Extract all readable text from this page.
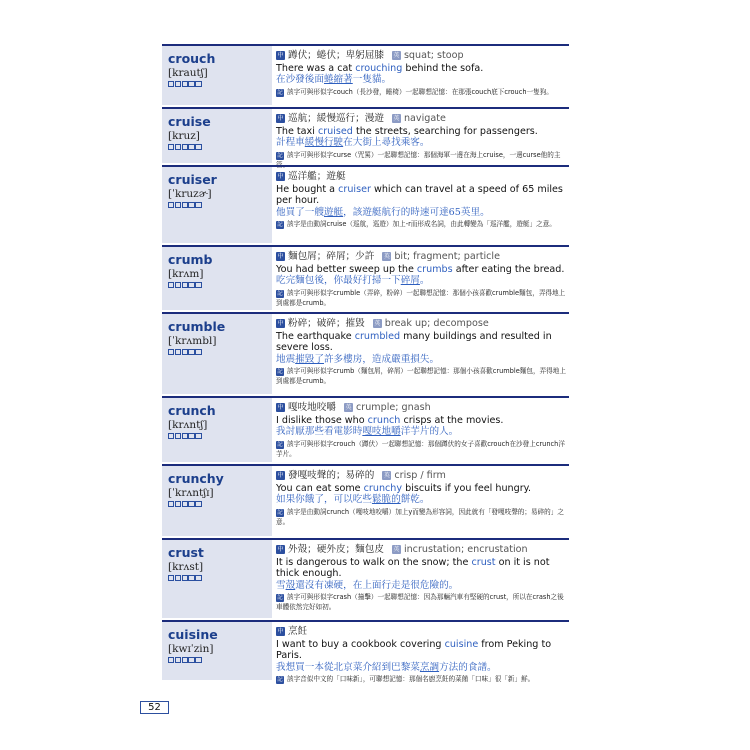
crouch
[krautʃ]
中 蹲伏；蜷伏；卑躬屈膝 英 squat; stoop
There was a cat crouching behind the sofa.
在沙發後面蜷縮著一隻貓。
記 該字可與形似字couch（長沙發，睡椅）一起聯想記憶：在那張couch底下crouch一隻狗。
cruise
[kruz]
中 巡航；緩慢巡行；漫遊 英 navigate
The taxi cruised the streets, searching for passengers.
計程車緩慢行駛在大街上尋找乘客。
記 該字可與形似字curse（咒罵）一起聯想記憶：那個海軍一邊在海上cruise，一邊curse他的主管。
cruiser
[ˈkruzɚ]
中 巡洋艦；遊艇
He bought a cruiser which can travel at a speed of 65 miles per hour.
他買了一艘遊艇，該遊艇航行的時速可達65英里。
記 該字是由動詞cruise（巡航，巡遊）加上-r而形成名詞，由此轉變為「巡洋艦，遊艇」之意。
crumb
[krʌm]
中 麵包屑；碎屑；少許 英 bit; fragment; particle
You had better sweep up the crumbs after eating the bread.
吃完麵包後，你最好打掃一下碎屑。
記 該字可與形似字crumble（弄碎，粉碎）一起聯想記憶：那個小孩喜歡crumble麵包，弄得地上到處都是crumb。
crumble
[ˈkrʌmbl]
中 粉碎；破碎；摧毀 英 break up; decompose
The earthquake crumbled many buildings and resulted in severe loss.
地震摧毀了許多樓房，造成嚴重損失。
記 該字可與形似字crumb（麵包屑，碎屑）一起聯想記憶：那個小孩喜歡crumble麵包，弄得地上到處都是crumb。
crunch
[krʌntʃ]
中 嘎吱地咬嚼 英 crumple; gnash
I dislike those who crunch crisps at the movies.
我討厭那些看電影時嘎吱地嚼洋芋片的人。
記 該字可與形似字crouch（蹲伏）一起聯想記憶：那個蹲伏的女子喜歡crouch在沙發上crunch洋芋片。
crunchy
[ˈkrʌntʃɪ]
中 發嘎吱聲的；易碎的 英 crisp / firm
You can eat some crunchy biscuits if you feel hungry.
如果你餓了，可以吃些鬆脆的餅乾。
記 該字是由動詞crunch（嘎吱地咬嚼）加上y而變為形容詞，因此就有「發嘎吱聲的；易碎的」之意。
crust
[krʌst]
中 外殼；硬外皮；麵包皮 英 incrustation; encrustation
It is dangerous to walk on the snow; the crust on it is not thick enough.
雪殼還沒有凍硬，在上面行走是很危險的。
記 該字可與形似字crash（撞擊）一起聯想記憶：因為那輛汽車有堅硬的crust，所以在crash之後車體依然完好如初。
cuisine
[kwɪˈzin]
中 烹飪
I want to buy a cookbook covering cuisine from Peking to Paris.
我想買一本從北京菜介紹到巴黎菜烹調方法的食譜。
記 該字音似中文的「口味新」，可聯想記憶：那個名廚烹飪的菜餚「口味」很「新」鮮。
52
